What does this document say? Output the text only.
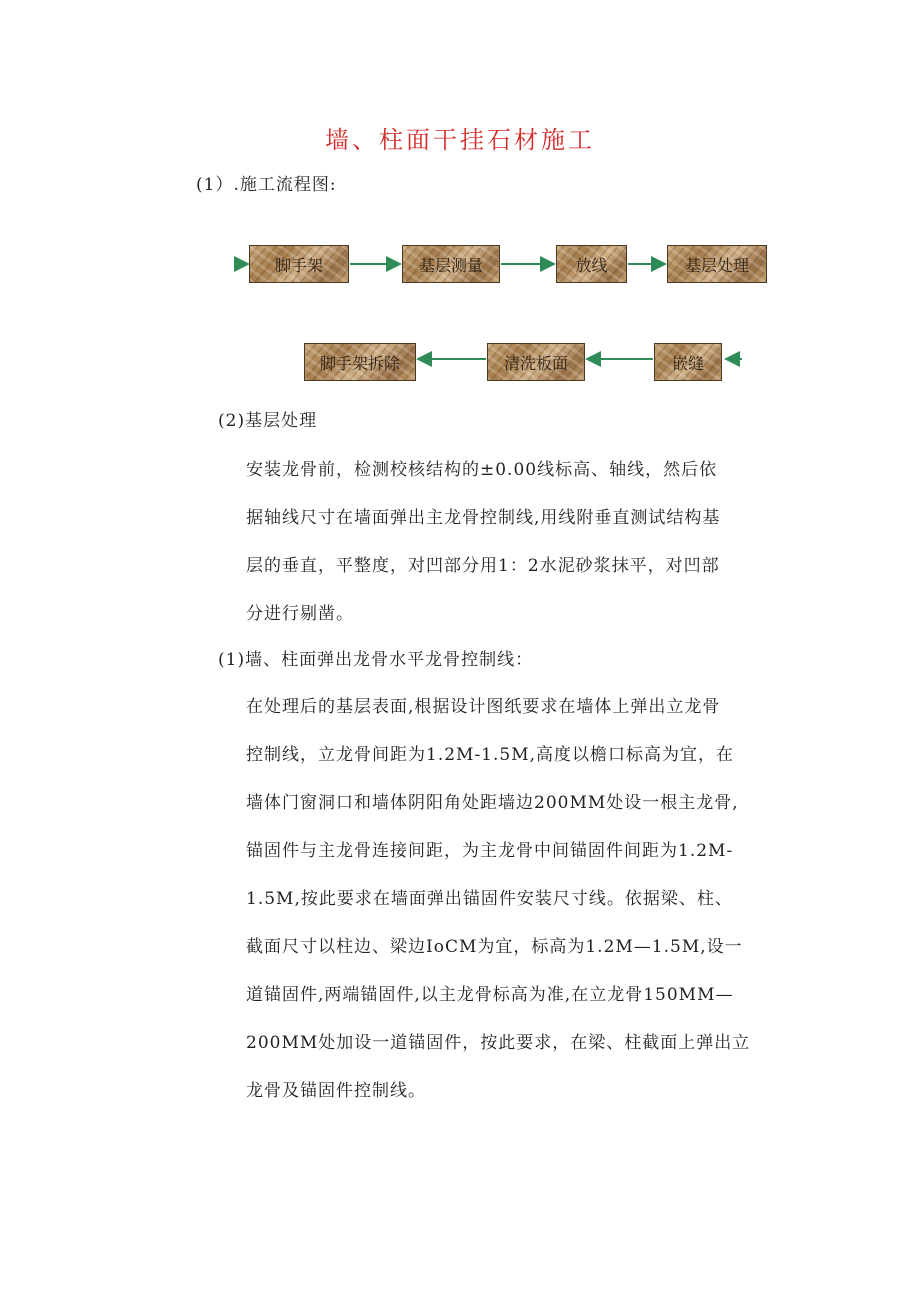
墙、柱面干挂石材施工
(1）.施工流程图:
脚手架	基层测量	放线	基层处理
脚手架拆除	清洗板面	嵌缝
(2)基层处理
安装龙骨前，检测校核结构的±0.00线标高、轴线，然后依
据轴线尺寸在墙面弹出主龙骨控制线,用线附垂直测试结构基
层的垂直，平整度，对凹部分用1：2水泥砂浆抹平，对凹部
分进行剔凿。
(1)墙、柱面弹出龙骨水平龙骨控制线：
在处理后的基层表面,根据设计图纸要求在墙体上弹出立龙骨
控制线，立龙骨间距为1.2M-1.5M,高度以檐口标高为宜，在
墙体门窗洞口和墙体阴阳角处距墙边200MM处设一根主龙骨,
锚固件与主龙骨连接间距，为主龙骨中间锚固件间距为1.2M-
1.5M,按此要求在墙面弹出锚固件安装尺寸线。依据梁、柱、
截面尺寸以柱边、梁边IoCM为宜，标高为1.2M—1.5M,设一
道锚固件,两端锚固件,以主龙骨标高为准,在立龙骨150MM—
200MM处加设一道锚固件，按此要求，在梁、柱截面上弹出立
龙骨及锚固件控制线。
